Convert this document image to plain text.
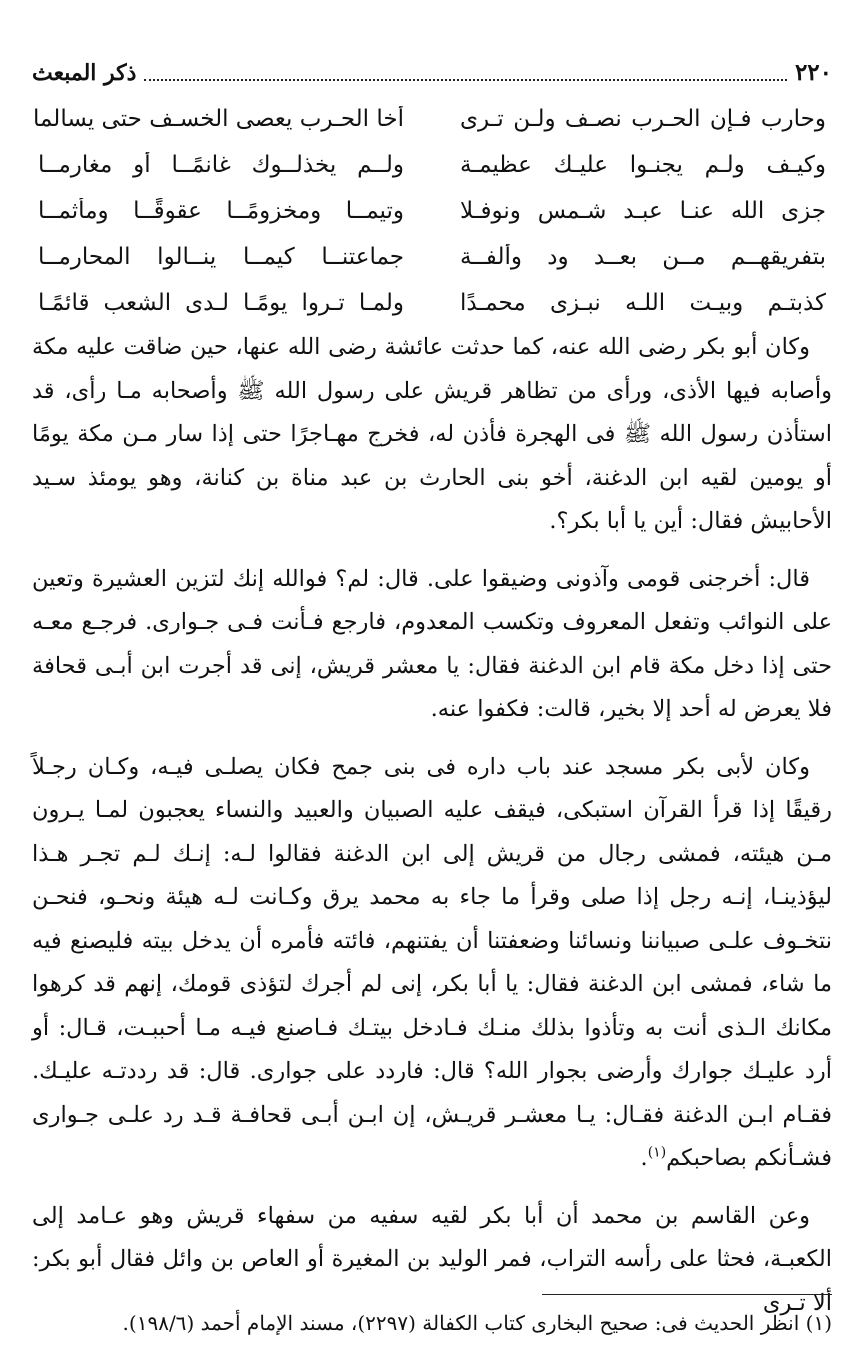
٢٢٠
ذكر المبعث
وحارب فـإن الحـرب نصـف ولـن تـرى
أخا الحـرب يعصى الخسـف حتى يسالما
وكيـف ولـم يجنـوا عليـك عظيمـة
ولــم يخذلــوك غانمًــا أو مغارمــا
جزى الله عنـا عبـد شـمس ونوفـلا
وتيمــا ومخزومًــا عقوقًــا ومأثمــا
بتفريقهــم مــن بعــد ود وألفــة
جماعتنــا كيمــا ينــالوا المحارمــا
كذبتـم وبيـت اللـه نبـزى محمـدًا
ولمـا تـروا يومًـا لـدى الشعب قائمًـا

وكان أبو بكر رضى الله عنه، كما حدثت عائشة رضى الله عنها، حين ضاقت عليه مكة وأصابه فيها الأذى، ورأى من تظاهر قريش على رسول الله ﷺ وأصحابه مـا رأى، قد استأذن رسول الله ﷺ فى الهجرة فأذن له، فخرج مهـاجرًا حتى إذا سار مـن مكة يومًا أو يومين لقيه ابن الدغنة، أخو بنى الحارث بن عبد مناة بن كنانة، وهو يومئذ سـيد الأحابيش فقال: أين يا أبا بكر؟.

قال: أخرجنى قومى وآذونى وضيقوا على. قال: لم؟ فوالله إنك لتزين العشيرة وتعين على النوائب وتفعل المعروف وتكسب المعدوم، فارجع فـأنت فـى جـوارى. فرجـع معـه حتى إذا دخل مكة قام ابن الدغنة فقال: يا معشر قريش، إنى قد أجرت ابن أبـى قحافة فلا يعرض له أحد إلا بخير، قالت: فكفوا عنه.

وكان لأبى بكر مسجد عند باب داره فى بنى جمح فكان يصلـى فيـه، وكـان رجـلاً رقيقًا إذا قرأ القرآن استبكى، فيقف عليه الصبيان والعبيد والنساء يعجبون لمـا يـرون مـن هيئته، فمشى رجال من قريش إلى ابن الدغنة فقالوا لـه: إنـك لـم تجـر هـذا ليؤذينـا، إنـه رجل إذا صلى وقرأ ما جاء به محمد يرق وكـانت لـه هيئة ونحـو، فنحـن نتخـوف علـى صبياننا ونسائنا وضعفتنا أن يفتنهم، فائته فأمره أن يدخل بيته فليصنع فيه ما شاء، فمشى ابن الدغنة فقال: يا أبا بكر، إنى لم أجرك لتؤذى قومك، إنهم قد كرهوا مكانك الـذى أنت به وتأذوا بذلك منـك فـادخل بيتـك فـاصنع فيـه مـا أحببـت، قـال: أو أرد عليـك جوارك وأرضى بجوار الله؟ قال: فاردد على جوارى. قال: قد رددتـه عليـك. فقـام ابـن الدغنة فقـال: يـا معشـر قريـش، إن ابـن أبـى قحافـة قـد رد علـى جـوارى فشـأنكم بصاحبكم$^{(١)}$.

وعن القاسم بن محمد أن أبا بكر لقيه سفيه من سفهاء قريش وهو عـامد إلى الكعبـة، فحثا على رأسه التراب، فمر الوليد بن المغيرة أو العاص بن وائل فقال أبو بكر: ألا تـرى

(١) انظر الحديث فى: صحيح البخارى كتاب الكفالة (٢٢٩٧)، مسند الإمام أحمد (١٩٨/٦).
